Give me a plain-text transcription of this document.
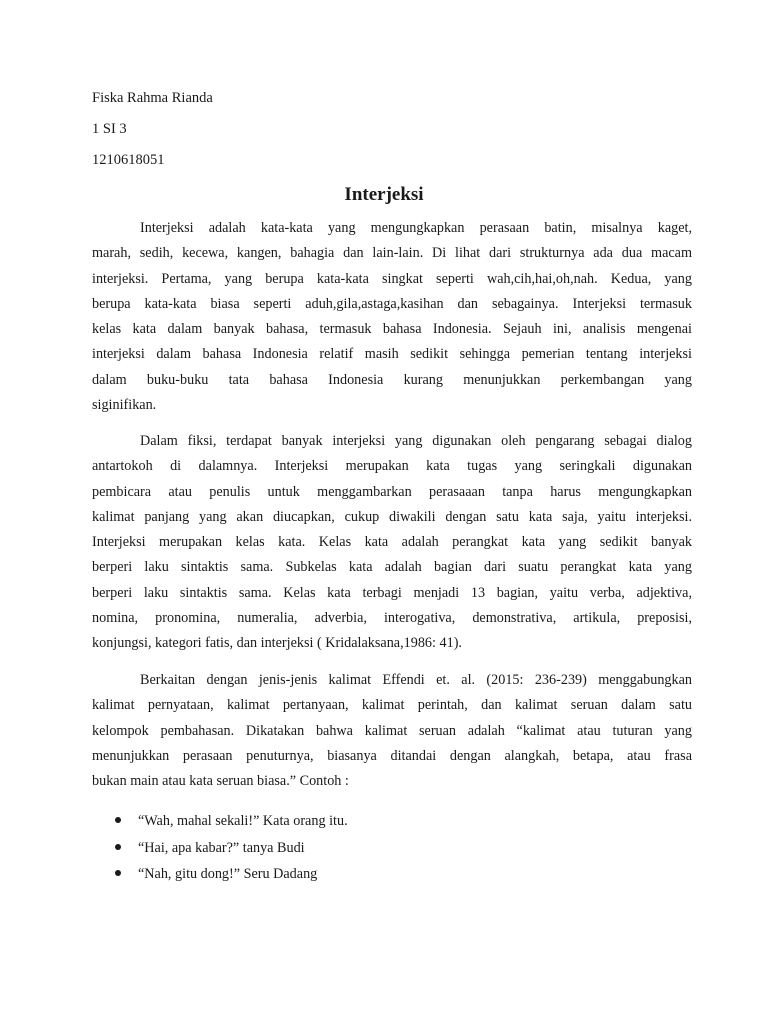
Fiska Rahma Rianda
1 SI 3
1210618051
Interjeksi
Interjeksi adalah kata-kata yang mengungkapkan perasaan batin, misalnya kaget,
marah, sedih, kecewa, kangen, bahagia dan lain-lain. Di lihat dari strukturnya ada dua macam
interjeksi. Pertama, yang berupa kata-kata singkat seperti wah,cih,hai,oh,nah. Kedua, yang
berupa kata-kata biasa seperti aduh,gila,astaga,kasihan dan sebagainya. Interjeksi termasuk
kelas kata dalam banyak bahasa, termasuk bahasa Indonesia. Sejauh ini, analisis mengenai
interjeksi dalam bahasa Indonesia relatif masih sedikit sehingga pemerian tentang interjeksi
dalam buku-buku tata bahasa Indonesia kurang menunjukkan perkembangan yang
siginifikan.
Dalam fiksi, terdapat banyak interjeksi yang digunakan oleh pengarang sebagai dialog
antartokoh di dalamnya. Interjeksi merupakan kata tugas yang seringkali digunakan
pembicara atau penulis untuk menggambarkan perasaaan tanpa harus mengungkapkan
kalimat panjang yang akan diucapkan, cukup diwakili dengan satu kata saja, yaitu interjeksi.
Interjeksi merupakan kelas kata. Kelas kata adalah perangkat kata yang sedikit banyak
berperi laku sintaktis sama. Subkelas kata adalah bagian dari suatu perangkat kata yang
berperi laku sintaktis sama. Kelas kata terbagi menjadi 13 bagian, yaitu verba, adjektiva,
nomina, pronomina, numeralia, adverbia, interogativa, demonstrativa, artikula, preposisi,
konjungsi, kategori fatis, dan interjeksi ( Kridalaksana,1986: 41).
Berkaitan dengan jenis-jenis kalimat Effendi et. al. (2015: 236-239) menggabungkan
kalimat pernyataan, kalimat pertanyaan, kalimat perintah, dan kalimat seruan dalam satu
kelompok pembahasan. Dikatakan bahwa kalimat seruan adalah “kalimat atau tuturan yang
menunjukkan perasaan penuturnya, biasanya ditandai dengan alangkah, betapa, atau frasa
bukan main atau kata seruan biasa.” Contoh :
“Wah, mahal sekali!” Kata orang itu.
“Hai, apa kabar?” tanya Budi
“Nah, gitu dong!” Seru Dadang
